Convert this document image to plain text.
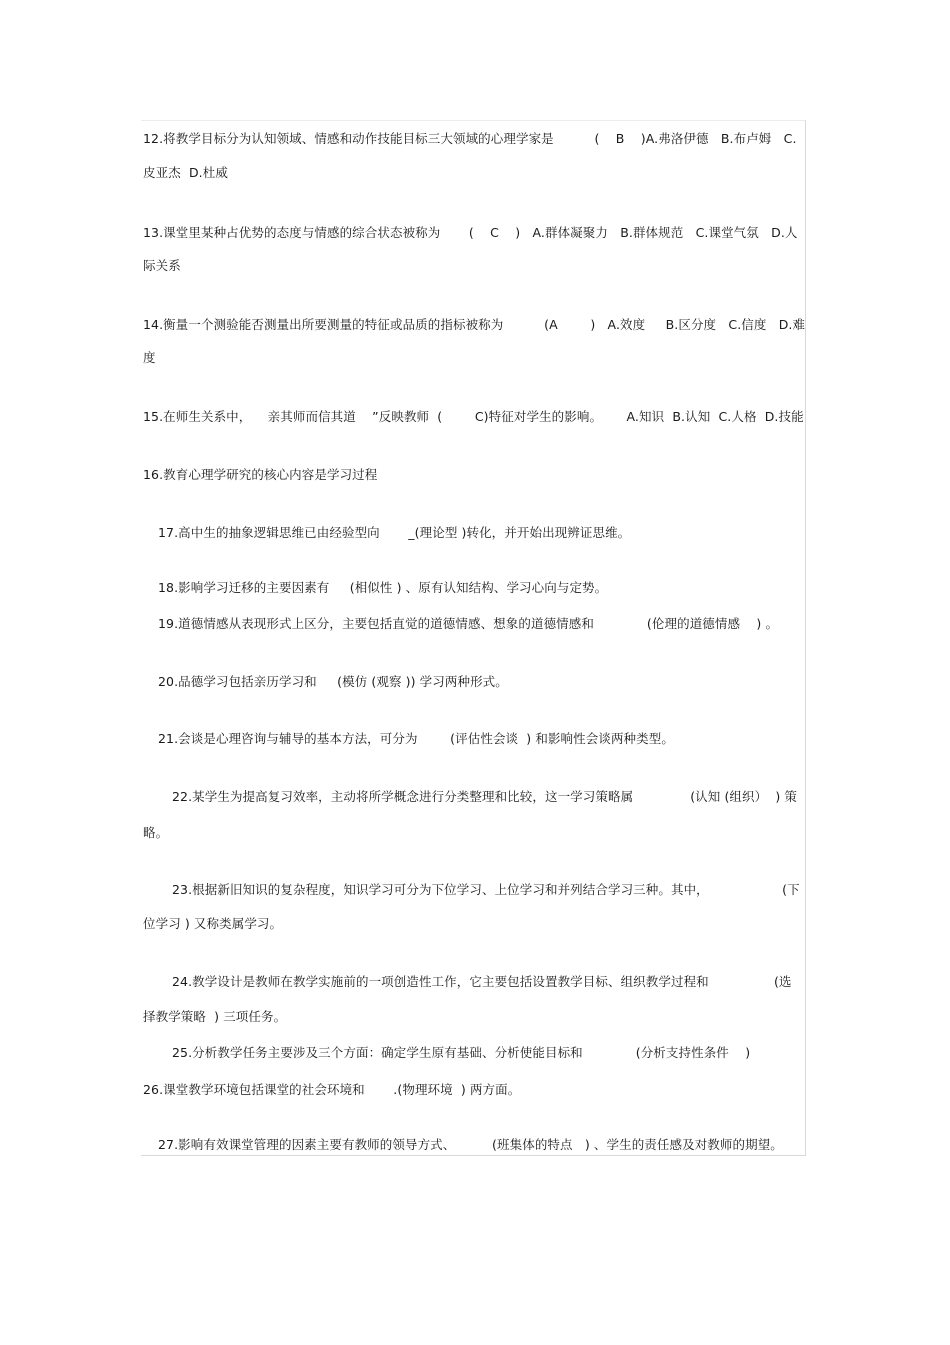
12.将教学目标分为认知领域、情感和动作技能目标三大领域的心理学家是          (    B    )A.弗洛伊德   B.布卢姆   C.
皮亚杰  D.杜威
13.课堂里某种占优势的态度与情感的综合状态被称为       (    C    )   A.群体凝聚力   B.群体规范   C.课堂气氛   D.人
际关系
14.衡量一个测验能否测量出所要测量的特征或品质的指标被称为          (A        )   A.效度     B.区分度   C.信度   D.难
度
15.在师生关系中，    亲其师而信其道    ”反映教师  (        C)特征对学生的影响。      A.知识  B.认知  C.人格  D.技能
16.教育心理学研究的核心内容是学习过程
17.高中生的抽象逻辑思维已由经验型向       _(理论型 )转化，并开始出现辨证思维。
18.影响学习迁移的主要因素有     (相似性 ) 、原有认知结构、学习心向与定势。
19.道德情感从表现形式上区分，主要包括直觉的道德情感、想象的道德情感和             (伦理的道德情感    ) 。
20.品德学习包括亲历学习和     (模仿 (观察 )) 学习两种形式。
21.会谈是心理咨询与辅导的基本方法，可分为        (评估性会谈  ) 和影响性会谈两种类型。
22.某学生为提高复习效率，主动将所学概念进行分类整理和比较，这一学习策略属              (认知 (组织）  ) 策
略。
23.根据新旧知识的复杂程度，知识学习可分为下位学习、上位学习和并列结合学习三种。其中，                  (下
位学习 ) 又称类属学习。
24.教学设计是教师在教学实施前的一项创造性工作，它主要包括设置教学目标、组织教学过程和                (选
择教学策略  ) 三项任务。
25.分析教学任务主要涉及三个方面：确定学生原有基础、分析使能目标和             (分析支持性条件    )
26.课堂教学环境包括课堂的社会环境和       .(物理环境  ) 两方面。
27.影响有效课堂管理的因素主要有教师的领导方式、         (班集体的特点   ) 、学生的责任感及对教师的期望。
